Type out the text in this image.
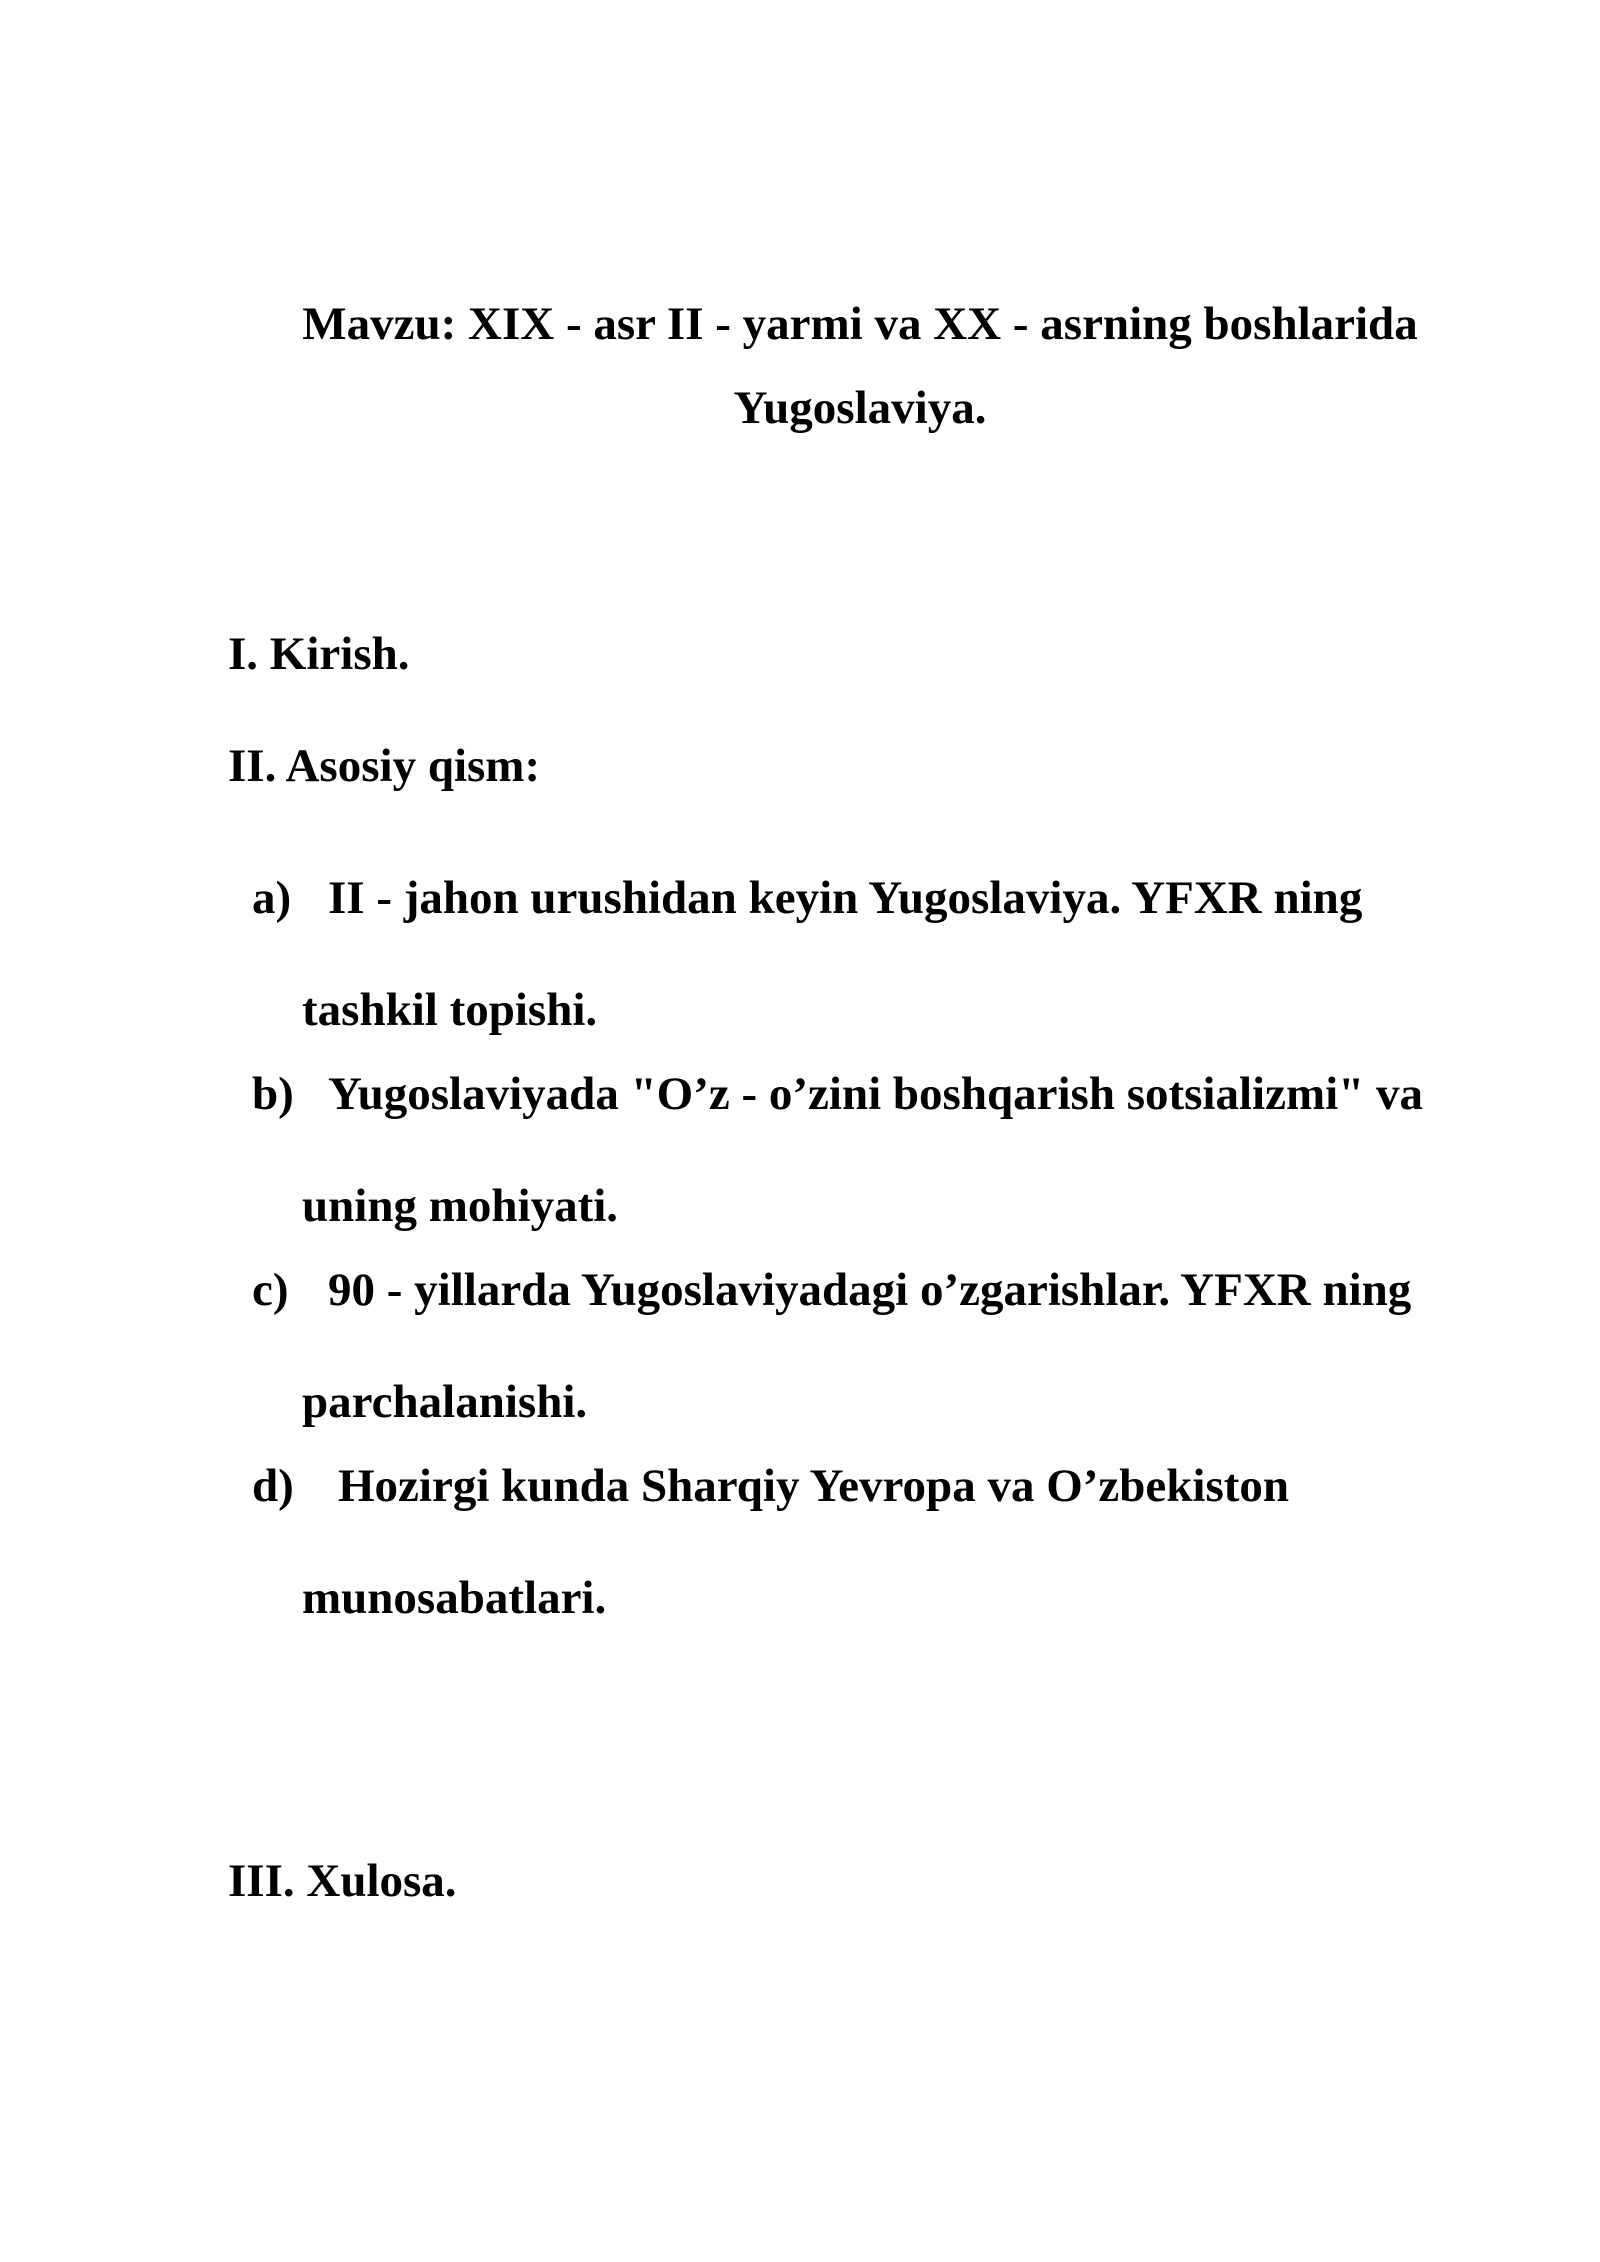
Mavzu: XIX - asr II - yarmi va XX - asrning boshlarida Yugoslaviya.

I. Kirish.

II. Asosiy qism:

a) II - jahon urushidan keyin Yugoslaviya. YFXR ning tashkil topishi.
b) Yugoslaviyada "O’z - o’zini boshqarish sotsializmi" va uning mohiyati.
c) 90 - yillarda Yugoslaviyadagi o’zgarishlar. YFXR ning parchalanishi.
d) Hozirgi kunda Sharqiy Yevropa va O’zbekiston munosabatlari.

III. Xulosa.
